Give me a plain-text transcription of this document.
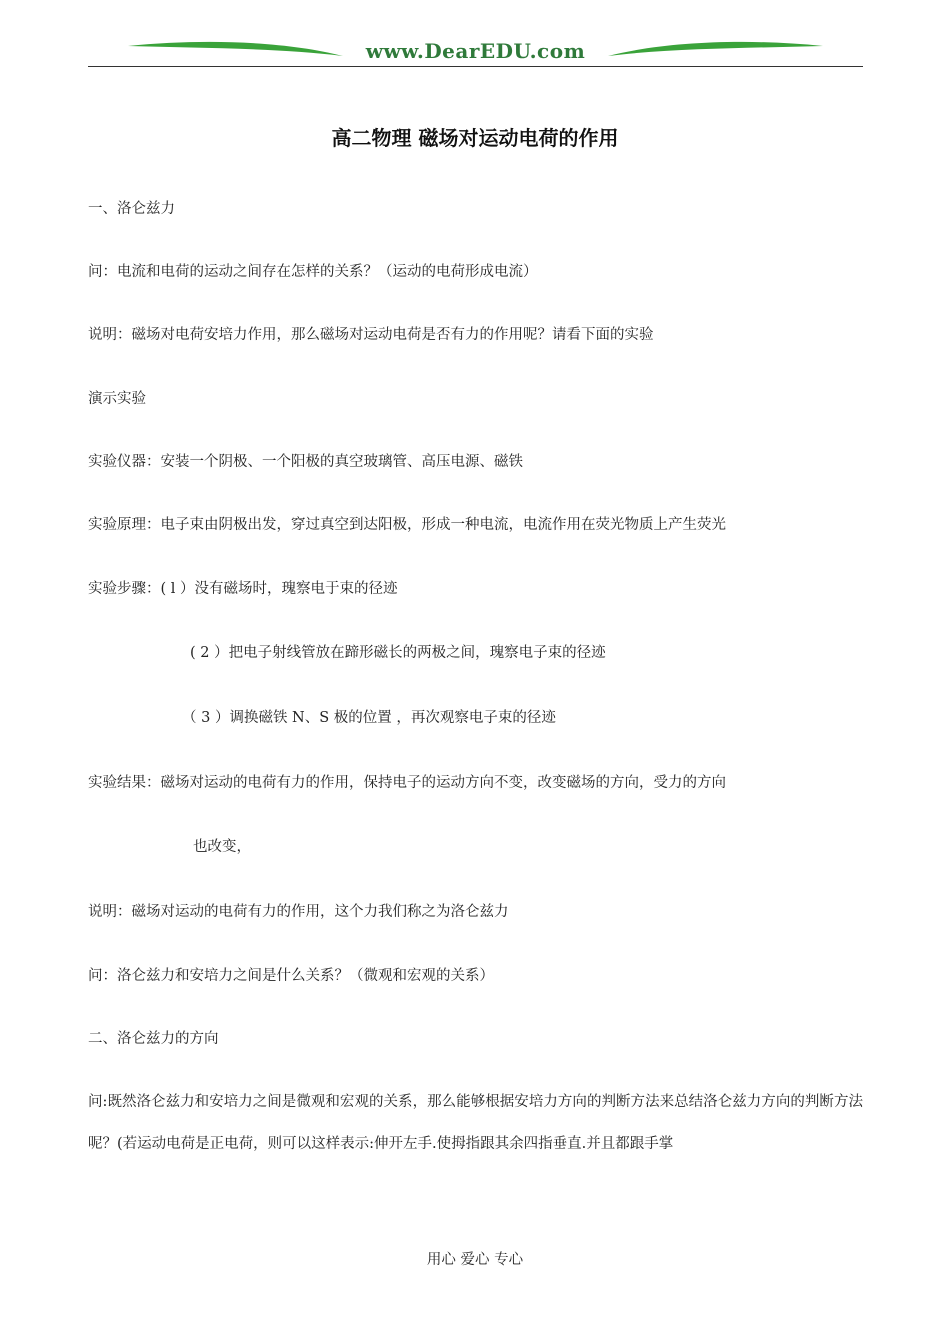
www.DearEDU.com
高二物理 磁场对运动电荷的作用

一、洛仑兹力

问：电流和电荷的运动之间存在怎样的关系？（运动的电荷形成电流）

说明：磁场对电荷安培力作用，那么磁场对运动电荷是否有力的作用呢？请看下面的实验

演示实验

实验仪器：安装一个阴极、一个阳极的真空玻璃管、高压电源、磁铁

实验原理：电子束由阴极出发，穿过真空到达阳极，形成一种电流，电流作用在荧光物质上产生荧光

实验步骤：( l ）没有磁场时，瑰察电于束的径迹

( 2 ）把电子射线管放在蹄形磁长的两极之间，瑰察电子束的径迹

（ 3 ）调换磁铁 N、S 极的位置 ，再次观察电子束的径迹

实验结果：磁场对运动的电荷有力的作用，保持电子的运动方向不变，改变磁场的方向，受力的方向

也改变，

说明：磁场对运动的电荷有力的作用，这个力我们称之为洛仑兹力

问：洛仑兹力和安培力之间是什么关系？（微观和宏观的关系）

二、洛仑兹力的方向

问:既然洛仑兹力和安培力之间是微观和宏观的关系，那么能够根据安培力方向的判断方法来总结洛仑兹力方向的判断方法呢？(若运动电荷是正电荷，则可以这样表示:伸开左手.使拇指跟其余四指垂直.并且都跟手掌

用心 爱心 专心
